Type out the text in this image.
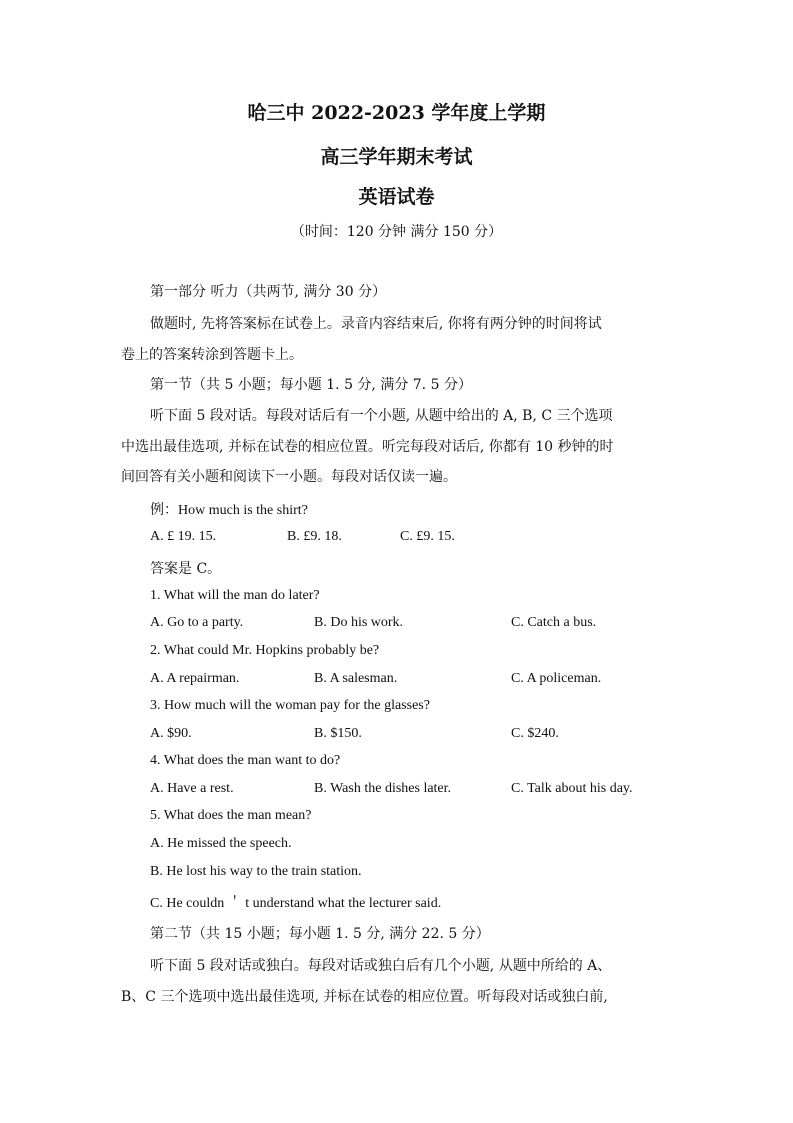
哈三中 2022-2023 学年度上学期
高三学年期末考试
英语试卷
（时间：120 分钟 满分 150 分）
第一部分 听力（共两节, 满分 30 分）
做题时, 先将答案标在试卷上。录音内容结束后, 你将有两分钟的时间将试
卷上的答案转涂到答题卡上。
第一节（共 5 小题；每小题 1. 5 分, 满分 7. 5 分）
听下面 5 段对话。每段对话后有一个小题, 从题中给出的 A, B, C 三个选项
中选出最佳选项, 并标在试卷的相应位置。听完每段对话后, 你都有 10 秒钟的时
间回答有关小题和阅读下一小题。每段对话仅读一遍。
例：How much is the shirt?
A. £ 19. 15.	B. £9. 18.	C. £9. 15.
答案是 C。
1. What will the man do later?
A. Go to a party.	B. Do his work.	C. Catch a bus.
2. What could Mr. Hopkins probably be?
A. A repairman.	B. A salesman.	C. A policeman.
3. How much will the woman pay for the glasses?
A. $90.	B. $150.	C. $240.
4. What does the man want to do?
A. Have a rest.	B. Wash the dishes later.	C. Talk about his day.
5. What does the man mean?
A. He missed the speech.
B. He lost his way to the train station.
C. He couldn ＇ t understand what the lecturer said.
第二节（共 15 小题；每小题 1. 5 分, 满分 22. 5 分）
听下面 5 段对话或独白。每段对话或独白后有几个小题, 从题中所给的 A、
B、C 三个选项中选出最佳选项, 并标在试卷的相应位置。听每段对话或独白前,
